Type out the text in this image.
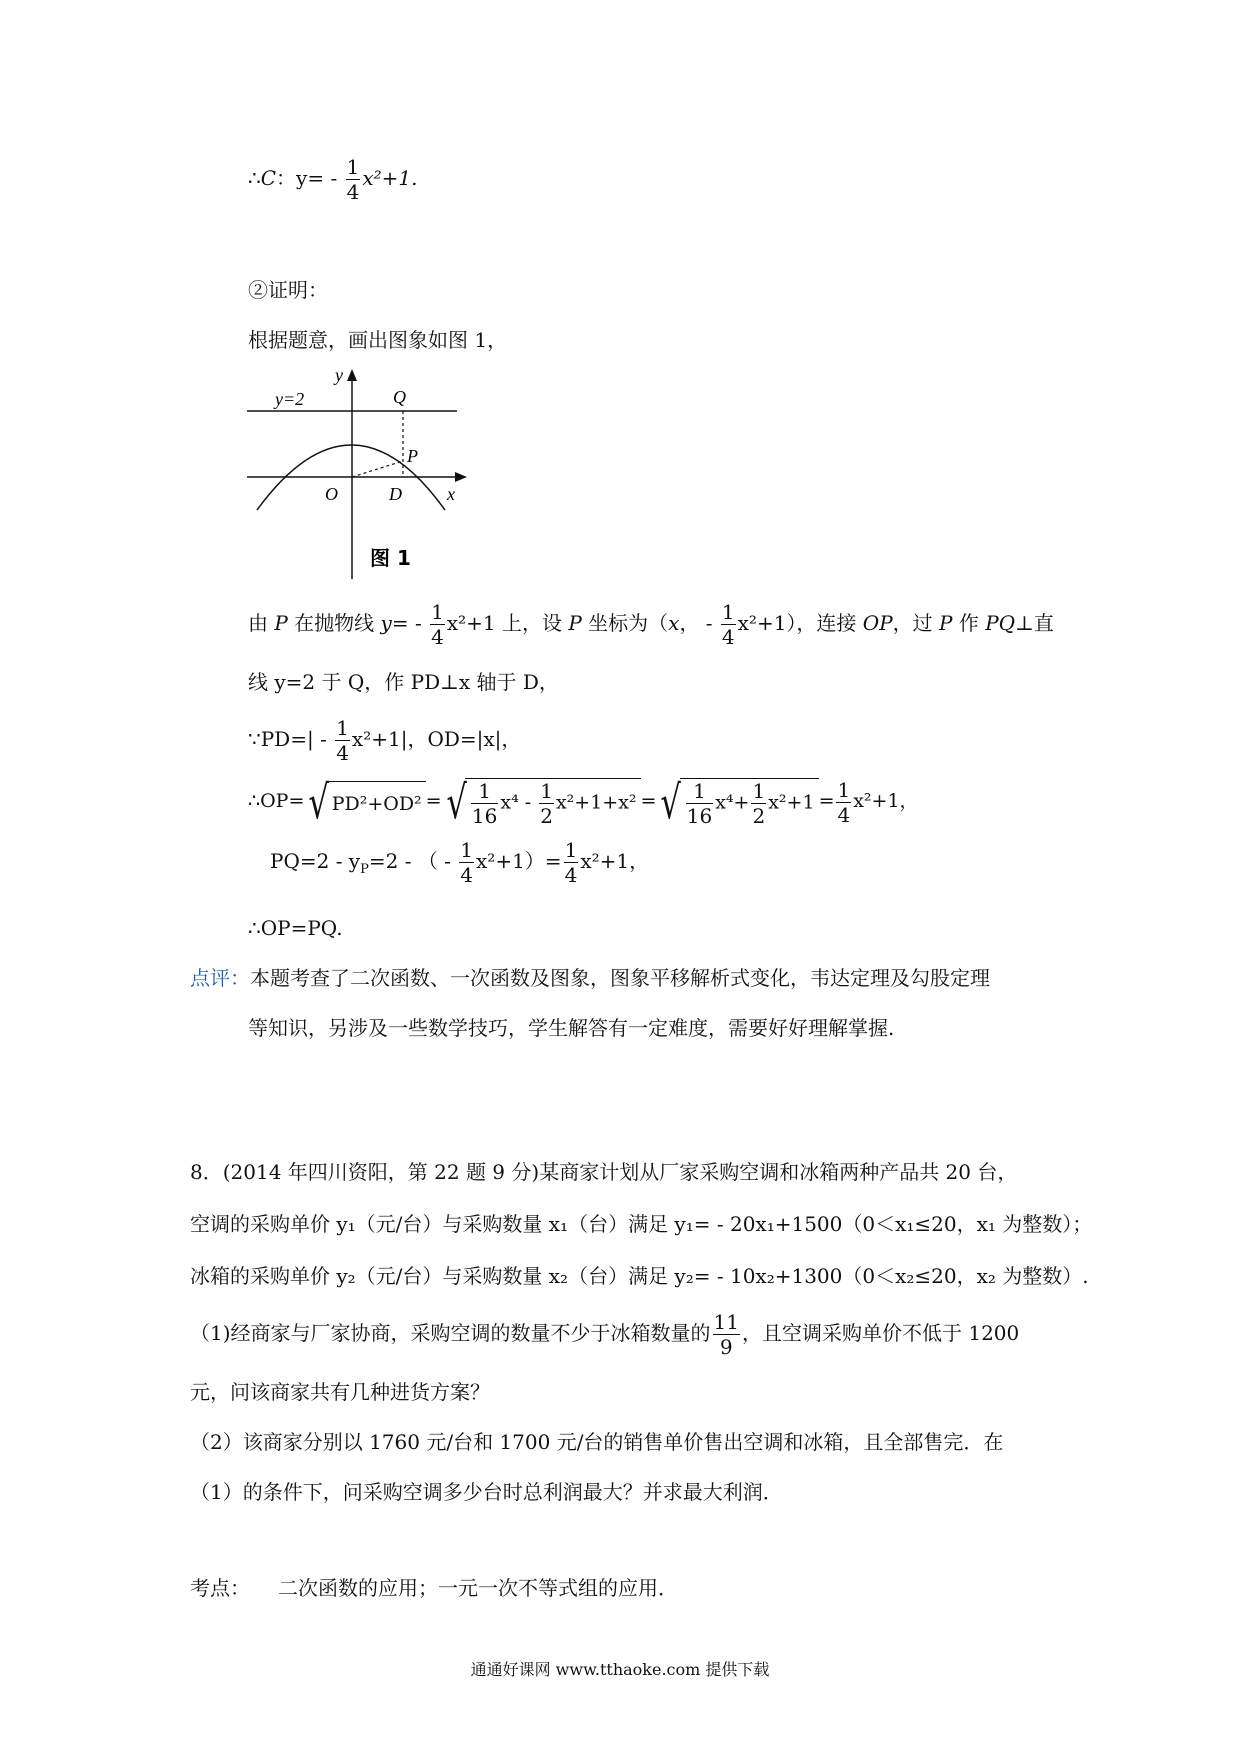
∴C：$y= - \frac{1}{4} x^2+1$.
②证明：
根据题意，画出图象如图 1，
y
y=2	Q
P
O	D	x
图 1
由 P 在抛物线 $y= - \frac{1}{4} x^2+1$ 上，设 P 坐标为（x， - $\frac{1}{4} x^2+1$），连接 OP，过 P 作 PQ⊥直
线 y=2 于 Q，作 PD⊥x 轴于 D，
∵PD=| - $\frac{1}{4} x^2+1|$，OD=|x|，
∴OP=√ PD²+OD² =√ $\frac{1}{16} x^4 - \frac{1}{2} x^2+1+x^2$ =√ $\frac{1}{16} x^4+ \frac{1}{2} x^2+1 = \frac{1}{4} x^2+1$，
$PQ=2 - y_P=2$ - （ - $\frac{1}{4} x^2+1)= \frac{1}{4} x^2+1$，
∴OP=PQ.
点评：本题考查了二次函数、一次函数及图象，图象平移解析式变化，韦达定理及勾股定理
等知识，另涉及一些数学技巧，学生解答有一定难度，需要好好理解掌握.
8．(2014 年四川资阳，第 22 题 9 分)某商家计划从厂家采购空调和冰箱两种产品共 20 台，
空调的采购单价 y₁（元/台）与采购数量 x₁（台）满足 y₁= - 20x₁+1500（0＜x₁≤20，x₁ 为整数）；
冰箱的采购单价 y₂（元/台）与采购数量 x₂（台）满足 y₂= - 10x₂+1300（0＜x₂≤20，x₂ 为整数）.
（1)经商家与厂家协商，采购空调的数量不少于冰箱数量的 $\frac{11}{9}$ ，且空调采购单价不低于 1200
元，问该商家共有几种进货方案？
（2）该商家分别以 1760 元/台和 1700 元/台的销售单价售出空调和冰箱，且全部售完．在
（1）的条件下，问采购空调多少台时总利润最大？并求最大利润．
考点： 二次函数的应用；一元一次不等式组的应用．
通通好课网 www.tthaoke.com 提供下载
